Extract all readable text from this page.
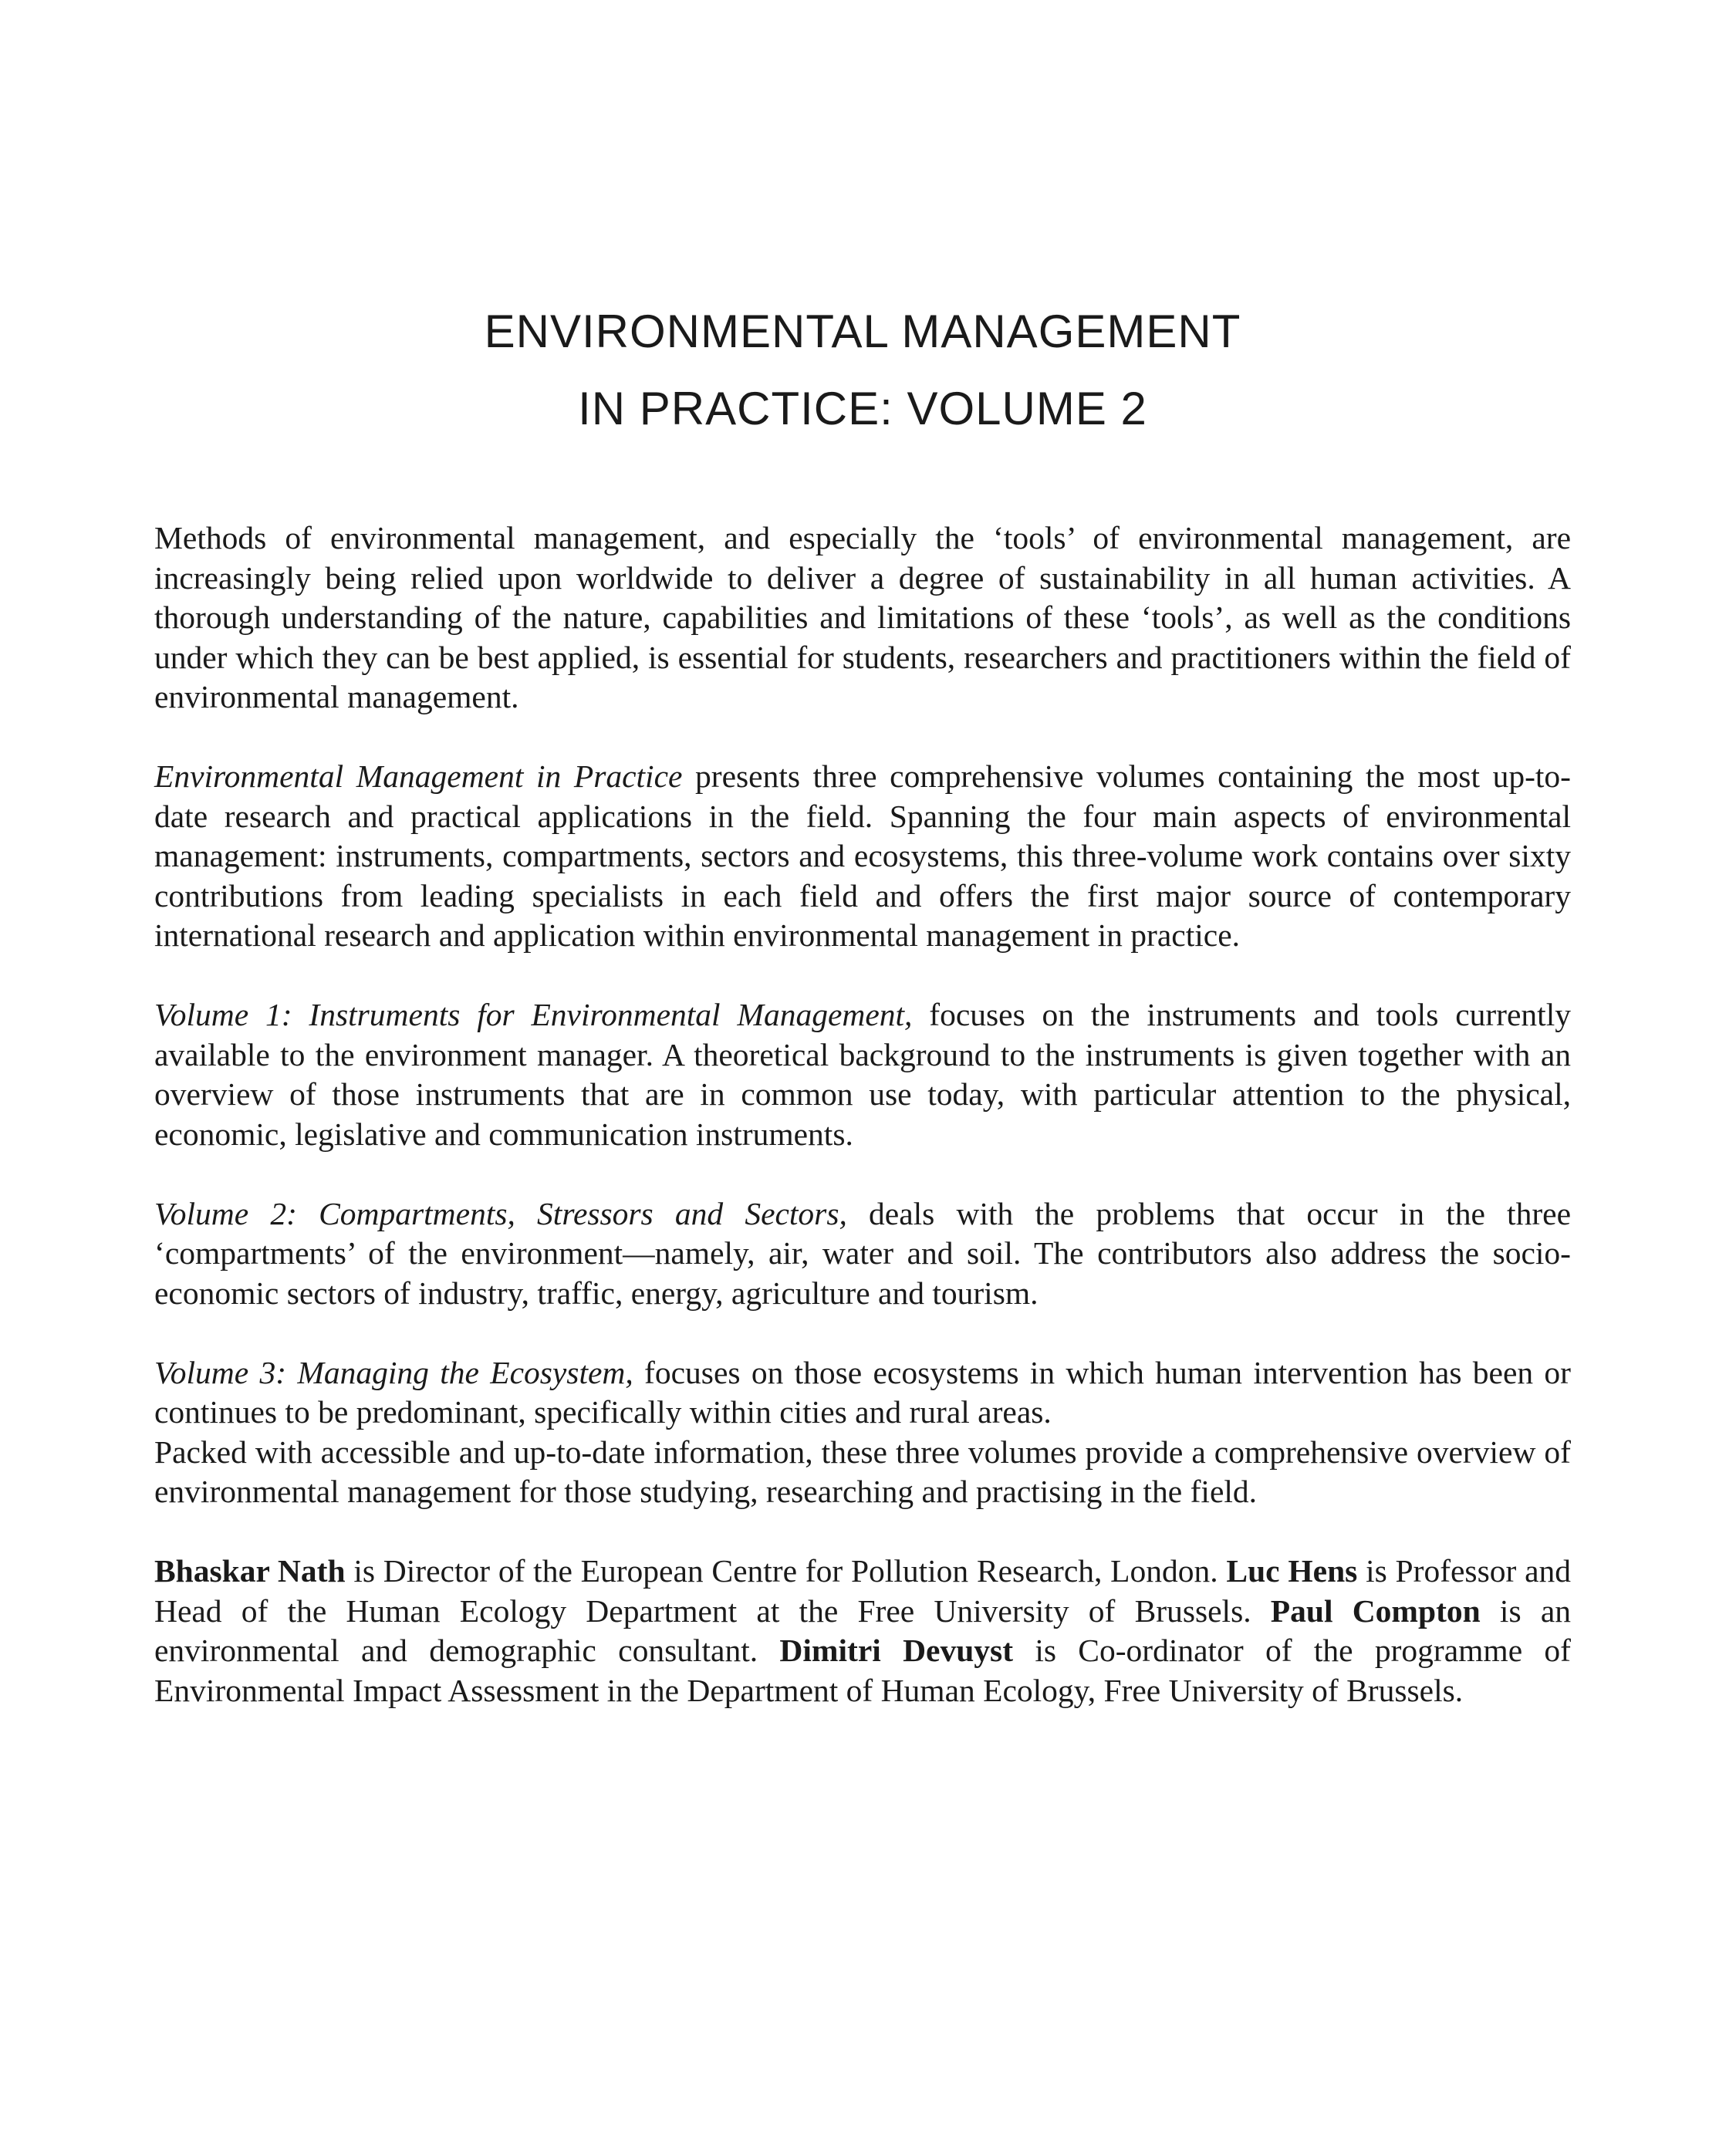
ENVIRONMENTAL MANAGEMENT
IN PRACTICE: VOLUME 2

Methods of environmental management, and especially the ‘tools’ of environmental management, are increasingly being relied upon worldwide to deliver a degree of sustainability in all human activities. A thorough understanding of the nature, capabilities and limitations of these ‘tools’, as well as the conditions under which they can be best applied, is essential for students, researchers and practitioners within the field of environmental management.

Environmental Management in Practice presents three comprehensive volumes containing the most up-to-date research and practical applications in the field. Spanning the four main aspects of environmental management: instruments, compartments, sectors and ecosystems, this three-volume work contains over sixty contributions from leading specialists in each field and offers the first major source of contemporary international research and application within environmental management in practice.

Volume 1: Instruments for Environmental Management, focuses on the instruments and tools currently available to the environment manager. A theoretical background to the instruments is given together with an overview of those instruments that are in common use today, with particular attention to the physical, economic, legislative and communication instruments.

Volume 2: Compartments, Stressors and Sectors, deals with the problems that occur in the three ‘compartments’ of the environment—namely, air, water and soil. The contributors also address the socio-economic sectors of industry, traffic, energy, agriculture and tourism.

Volume 3: Managing the Ecosystem, focuses on those ecosystems in which human intervention has been or continues to be predominant, specifically within cities and rural areas.

Packed with accessible and up-to-date information, these three volumes provide a comprehensive overview of environmental management for those studying, researching and practising in the field.

Bhaskar Nath is Director of the European Centre for Pollution Research, London. Luc Hens is Professor and Head of the Human Ecology Department at the Free University of Brussels. Paul Compton is an environmental and demographic consultant. Dimitri Devuyst is Co-ordinator of the programme of Environmental Impact Assessment in the Department of Human Ecology, Free University of Brussels.
